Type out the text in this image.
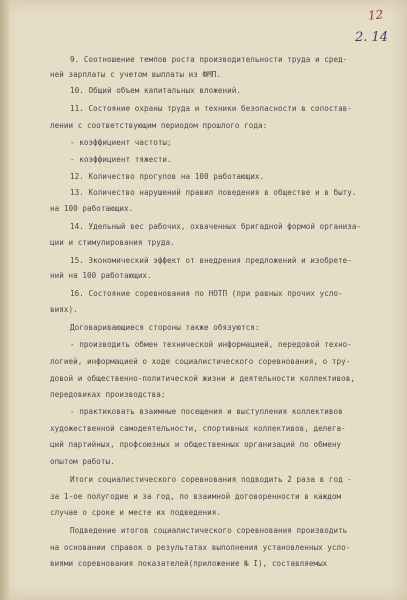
12
2. 14
9. Соотношение темпов роста производительности труда и сред-
ней зарплаты с учетом выплаты из ФМП.
10. Общий объем капитальных вложений.
11. Состояние охраны труда и техники безопасности в сопостав-
лении с соответствующим периодом прошлого года:
- коэффициент частоты;
- коэффициент тяжести.
12. Количество прогулов на 100 работающих.
13. Количество нарушений правил поведения в обществе и в быту.
на 100 работающих.
14. Удельный вес рабочих, охваченных бригадной формой организа-
ции и стимулирования труда.
15. Экономический эффект от внедрения предложений и изобрете-
ний на 100 работающих.
16. Состояние соревнования по НОТП (при равных прочих усло-
виях).
Договаривающиеся стороны также обязуются:
- производить обмен технической информацией, передовой техно-
логией, информацией о ходе социалистического соревнования, о тру-
довой и общественно-политической жизни и деятельности коллективов,
передовиках производства;
- практиковать взаимные посещения и выступления коллективов
художественной самодеятельности, спортивных коллективов, делега-
ций партийных, профсоюзных и общественных организаций по обмену
опытом работы.
Итоги социалистического соревнования подводить 2 раза в год -
за 1-ое полугодие и за год, по взаимной договоренности в каждом
случае о сроке и месте их подведения.
Подведение итогов социалистического соревнования производить
на основании справок о результатах выполнения установленных усло-
виями соревнования показателей(приложение № I), составляемых
